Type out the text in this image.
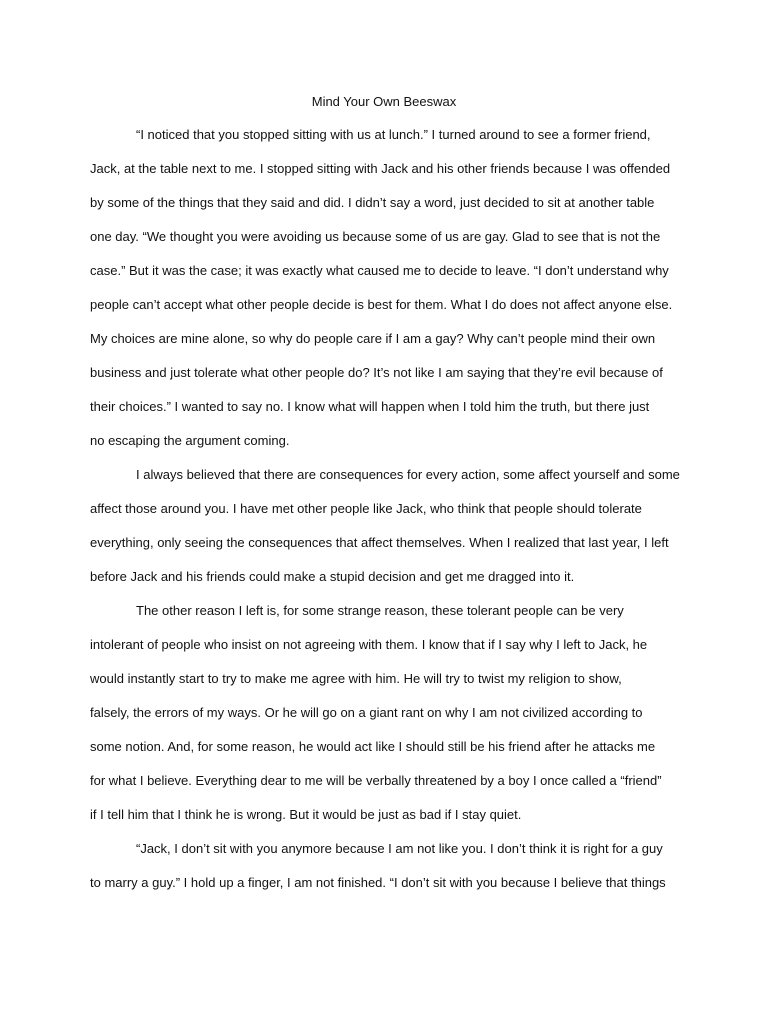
Mind Your Own Beeswax
“I noticed that you stopped sitting with us at lunch.” I turned around to see a former friend,
Jack, at the table next to me. I stopped sitting with Jack and his other friends because I was offended
by some of the things that they said and did. I didn’t say a word, just decided to sit at another table
one day. “We thought you were avoiding us because some of us are gay. Glad to see that is not the
case.” But it was the case; it was exactly what caused me to decide to leave. “I don’t understand why
people can’t accept what other people decide is best for them. What I do does not affect anyone else.
My choices are mine alone, so why do people care if I am a gay? Why can’t people mind their own
business and just tolerate what other people do? It’s not like I am saying that they’re evil because of
their choices.” I wanted to say no. I know what will happen when I told him the truth, but there just
no escaping the argument coming.
I always believed that there are consequences for every action, some affect yourself and some
affect those around you. I have met other people like Jack, who think that people should tolerate
everything, only seeing the consequences that affect themselves. When I realized that last year, I left
before Jack and his friends could make a stupid decision and get me dragged into it.
The other reason I left is, for some strange reason, these tolerant people can be very
intolerant of people who insist on not agreeing with them. I know that if I say why I left to Jack, he
would instantly start to try to make me agree with him. He will try to twist my religion to show,
falsely, the errors of my ways. Or he will go on a giant rant on why I am not civilized according to
some notion. And, for some reason, he would act like I should still be his friend after he attacks me
for what I believe. Everything dear to me will be verbally threatened by a boy I once called a “friend”
if I tell him that I think he is wrong. But it would be just as bad if I stay quiet.
“Jack, I don’t sit with you anymore because I am not like you. I don’t think it is right for a guy
to marry a guy.” I hold up a finger, I am not finished. “I don’t sit with you because I believe that things
